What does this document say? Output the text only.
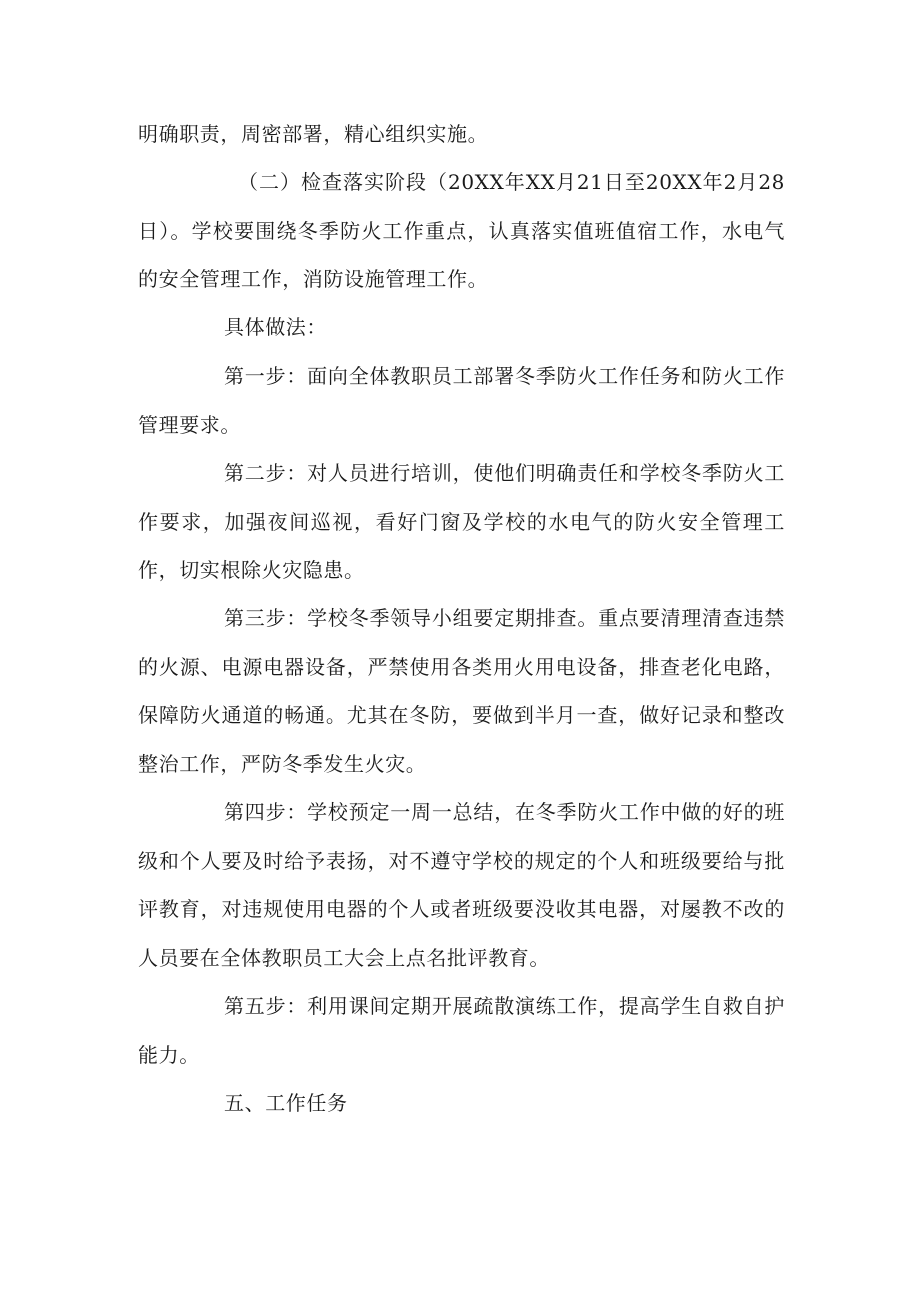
明确职责，周密部署，精心组织实施。

（二）检查落实阶段（20XX年XX月21日至20XX年2月28日）。学校要围绕冬季防火工作重点，认真落实值班值宿工作，水电气的安全管理工作，消防设施管理工作。

具体做法：

第一步：面向全体教职员工部署冬季防火工作任务和防火工作管理要求。

第二步：对人员进行培训，使他们明确责任和学校冬季防火工作要求，加强夜间巡视，看好门窗及学校的水电气的防火安全管理工作，切实根除火灾隐患。

第三步：学校冬季领导小组要定期排查。重点要清理清查违禁的火源、电源电器设备，严禁使用各类用火用电设备，排查老化电路，保障防火通道的畅通。尤其在冬防，要做到半月一查，做好记录和整改整治工作，严防冬季发生火灾。

第四步：学校预定一周一总结，在冬季防火工作中做的好的班级和个人要及时给予表扬，对不遵守学校的规定的个人和班级要给与批评教育，对违规使用电器的个人或者班级要没收其电器，对屡教不改的人员要在全体教职员工大会上点名批评教育。

第五步：利用课间定期开展疏散演练工作，提高学生自救自护能力。

五、工作任务
